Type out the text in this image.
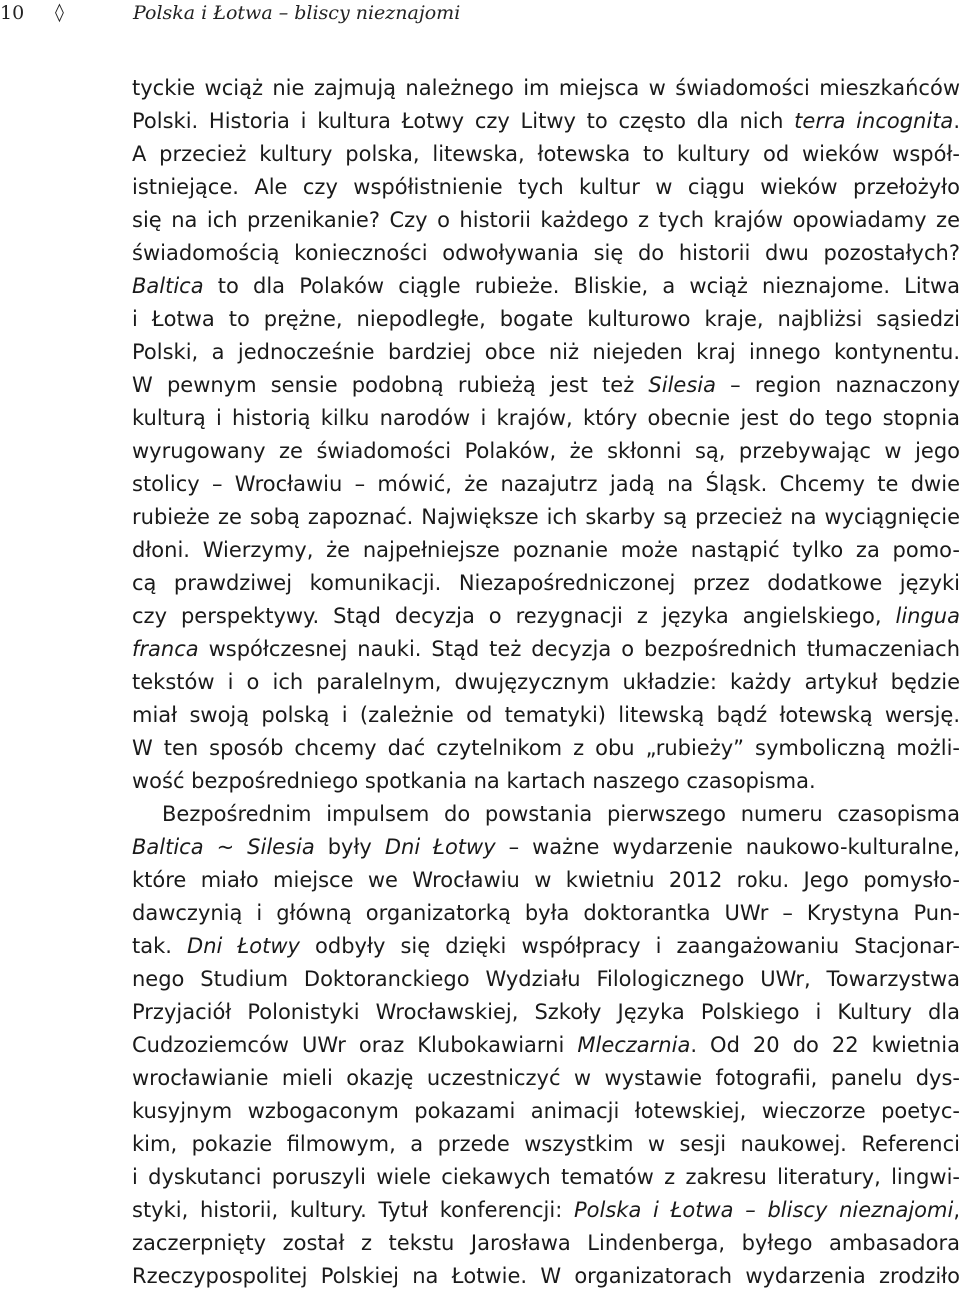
10 ◊	Polska i Łotwa – bliscy nieznajomi
tyckie wciąż nie zajmują należnego im miejsca w świadomości mieszkańców
Polski. Historia i kultura Łotwy czy Litwy to często dla nich terra incognita.
A przecież kultury polska, litewska, łotewska to kultury od wieków współ-
istniejące. Ale czy współistnienie tych kultur w ciągu wieków przełożyło
się na ich przenikanie? Czy o historii każdego z tych krajów opowiadamy ze
świadomością konieczności odwoływania się do historii dwu pozostałych?
Baltica to dla Polaków ciągle rubieże. Bliskie, a wciąż nieznajome. Litwa
i Łotwa to prężne, niepodległe, bogate kulturowo kraje, najbliżsi sąsiedzi
Polski, a jednocześnie bardziej obce niż niejeden kraj innego kontynentu.
W pewnym sensie podobną rubieżą jest też Silesia – region naznaczony
kulturą i historią kilku narodów i krajów, który obecnie jest do tego stopnia
wyrugowany ze świadomości Polaków, że skłonni są, przebywając w jego
stolicy – Wrocławiu – mówić, że nazajutrz jadą na Śląsk. Chcemy te dwie
rubieże ze sobą zapoznać. Największe ich skarby są przecież na wyciągnięcie
dłoni. Wierzymy, że najpełniejsze poznanie może nastąpić tylko za pomo-
cą prawdziwej komunikacji. Niezapośredniczonej przez dodatkowe języki
czy perspektywy. Stąd decyzja o rezygnacji z języka angielskiego, lingua
franca współczesnej nauki. Stąd też decyzja o bezpośrednich tłumaczeniach
tekstów i o ich paralelnym, dwujęzycznym układzie: każdy artykuł będzie
miał swoją polską i (zależnie od tematyki) litewską bądź łotewską wersję.
W ten sposób chcemy dać czytelnikom z obu „rubieży” symboliczną możli-
wość bezpośredniego spotkania na kartach naszego czasopisma.
Bezpośrednim impulsem do powstania pierwszego numeru czasopisma
Baltica ~ Silesia były Dni Łotwy – ważne wydarzenie naukowo-kulturalne,
które miało miejsce we Wrocławiu w kwietniu 2012 roku. Jego pomysło-
dawczynią i główną organizatorką była doktorantka UWr – Krystyna Pun-
tak. Dni Łotwy odbyły się dzięki współpracy i zaangażowaniu Stacjonar-
nego Studium Doktoranckiego Wydziału Filologicznego UWr, Towarzystwa
Przyjaciół Polonistyki Wrocławskiej, Szkoły Języka Polskiego i Kultury dla
Cudzoziemców UWr oraz Klubokawiarni Mleczarnia. Od 20 do 22 kwietnia
wrocławianie mieli okazję uczestniczyć w wystawie fotografii, panelu dys-
kusyjnym wzbogaconym pokazami animacji łotewskiej, wieczorze poetyc-
kim, pokazie filmowym, a przede wszystkim w sesji naukowej. Referenci
i dyskutanci poruszyli wiele ciekawych tematów z zakresu literatury, lingwi-
styki, historii, kultury. Tytuł konferencji: Polska i Łotwa – bliscy nieznajomi,
zaczerpnięty został z tekstu Jarosława Lindenberga, byłego ambasadora
Rzeczypospolitej Polskiej na Łotwie. W organizatorach wydarzenia zrodziło
